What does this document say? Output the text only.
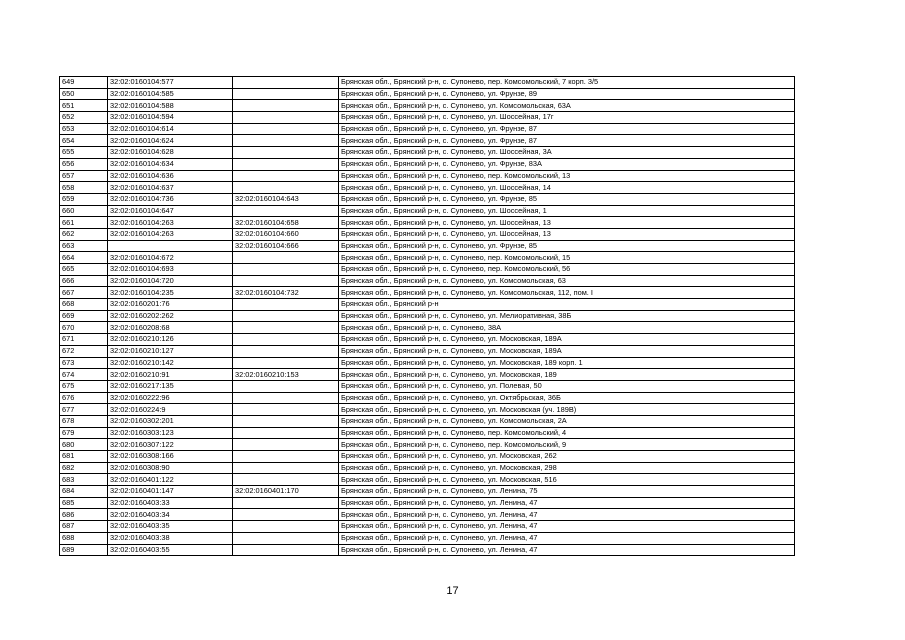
649	32:02:0160104:577		Брянская обл., Брянский р-н, с. Супонево, пер. Комсомольский, 7 корп. 3/5
650	32:02:0160104:585		Брянская обл., Брянский р-н, с. Супонево, ул. Фрунзе, 89
651	32:02:0160104:588		Брянская обл., Брянский р-н, с. Супонево, ул. Комсомольская, 63А
652	32:02:0160104:594		Брянская обл., Брянский р-н, с. Супонево, ул. Шоссейная, 17г
653	32:02:0160104:614		Брянская обл., Брянский р-н, с. Супонево, ул. Фрунзе, 87
654	32:02:0160104:624		Брянская обл., Брянский р-н, с. Супонево, ул. Фрунзе, 87
655	32:02:0160104:628		Брянская обл., Брянский р-н, с. Супонево, ул. Шоссейная, 3А
656	32:02:0160104:634		Брянская обл., Брянский р-н, с. Супонево, ул. Фрунзе, 83А
657	32:02:0160104:636		Брянская обл., Брянский р-н, с. Супонево, пер. Комсомольский, 13
658	32:02:0160104:637		Брянская обл., Брянский р-н, с. Супонево, ул. Шоссейная, 14
659	32:02:0160104:736	32:02:0160104:643	Брянская обл., Брянский р-н, с. Супонево, ул. Фрунзе, 85
660	32:02:0160104:647		Брянская обл., Брянский р-н, с. Супонево, ул. Шоссейная, 1
661	32:02:0160104:263	32:02:0160104:658	Брянская обл., Брянский р-н, с. Супонево, ул. Шоссейная, 13
662	32:02:0160104:263	32:02:0160104:660	Брянская обл., Брянский р-н, с. Супонево, ул. Шоссейная, 13
663		32:02:0160104:666	Брянская обл., Брянский р-н, с. Супонево, ул. Фрунзе, 85
664	32:02:0160104:672		Брянская обл., Брянский р-н, с. Супонево, пер. Комсомольский, 15
665	32:02:0160104:693		Брянская обл., Брянский р-н, с. Супонево, пер. Комсомольский, 56
666	32:02:0160104:720		Брянская обл., Брянский р-н, с. Супонево, ул. Комсомольская, 63
667	32:02:0160104:235	32:02:0160104:732	Брянская обл., Брянский р-н, с. Супонево, ул. Комсомольская, 112, пом. I
668	32:02:0160201:76		Брянская обл., Брянский р-н
669	32:02:0160202:262		Брянская обл., Брянский р-н, с. Супонево, ул. Мелиоративная, 38Б
670	32:02:0160208:68		Брянская обл., Брянский р-н, с. Супонево, 38А
671	32:02:0160210:126		Брянская обл., Брянский р-н, с. Супонево, ул. Московская, 189А
672	32:02:0160210:127		Брянская обл., Брянский р-н, с. Супонево, ул. Московская, 189А
673	32:02:0160210:142		Брянская обл., Брянский р-н, с. Супонево, ул. Московская, 189 корп. 1
674	32:02:0160210:91	32:02:0160210:153	Брянская обл., Брянский р-н, с. Супонево, ул. Московская, 189
675	32:02:0160217:135		Брянская обл., Брянский р-н, с. Супонево, ул. Полевая, 50
676	32:02:0160222:96		Брянская обл., Брянский р-н, с. Супонево, ул. Октябрьская, 36Б
677	32:02:0160224:9		Брянская обл., Брянский р-н, с. Супонево, ул. Московская (уч. 189В)
678	32:02:0160302:201		Брянская обл., Брянский р-н, с. Супонево, ул. Комсомольская, 2А
679	32:02:0160303:123		Брянская обл., Брянский р-н, с. Супонево, пер. Комсомольский, 4
680	32:02:0160307:122		Брянская обл., Брянский р-н, с. Супонево, пер. Комсомольский, 9
681	32:02:0160308:166		Брянская обл., Брянский р-н, с. Супонево, ул. Московская, 262
682	32:02:0160308:90		Брянская обл., Брянский р-н, с. Супонево, ул. Московская, 298
683	32:02:0160401:122		Брянская обл., Брянский р-н, с. Супонево, ул. Московская, 516
684	32:02:0160401:147	32:02:0160401:170	Брянская обл., Брянский р-н, с. Супонево, ул. Ленина, 75
685	32:02:0160403:33		Брянская обл., Брянский р-н, с. Супонево, ул. Ленина, 47
686	32:02:0160403:34		Брянская обл., Брянский р-н, с. Супонево, ул. Ленина, 47
687	32:02:0160403:35		Брянская обл., Брянский р-н, с. Супонево, ул. Ленина, 47
688	32:02:0160403:38		Брянская обл., Брянский р-н, с. Супонево, ул. Ленина, 47
689	32:02:0160403:55		Брянская обл., Брянский р-н, с. Супонево, ул. Ленина, 47
17
